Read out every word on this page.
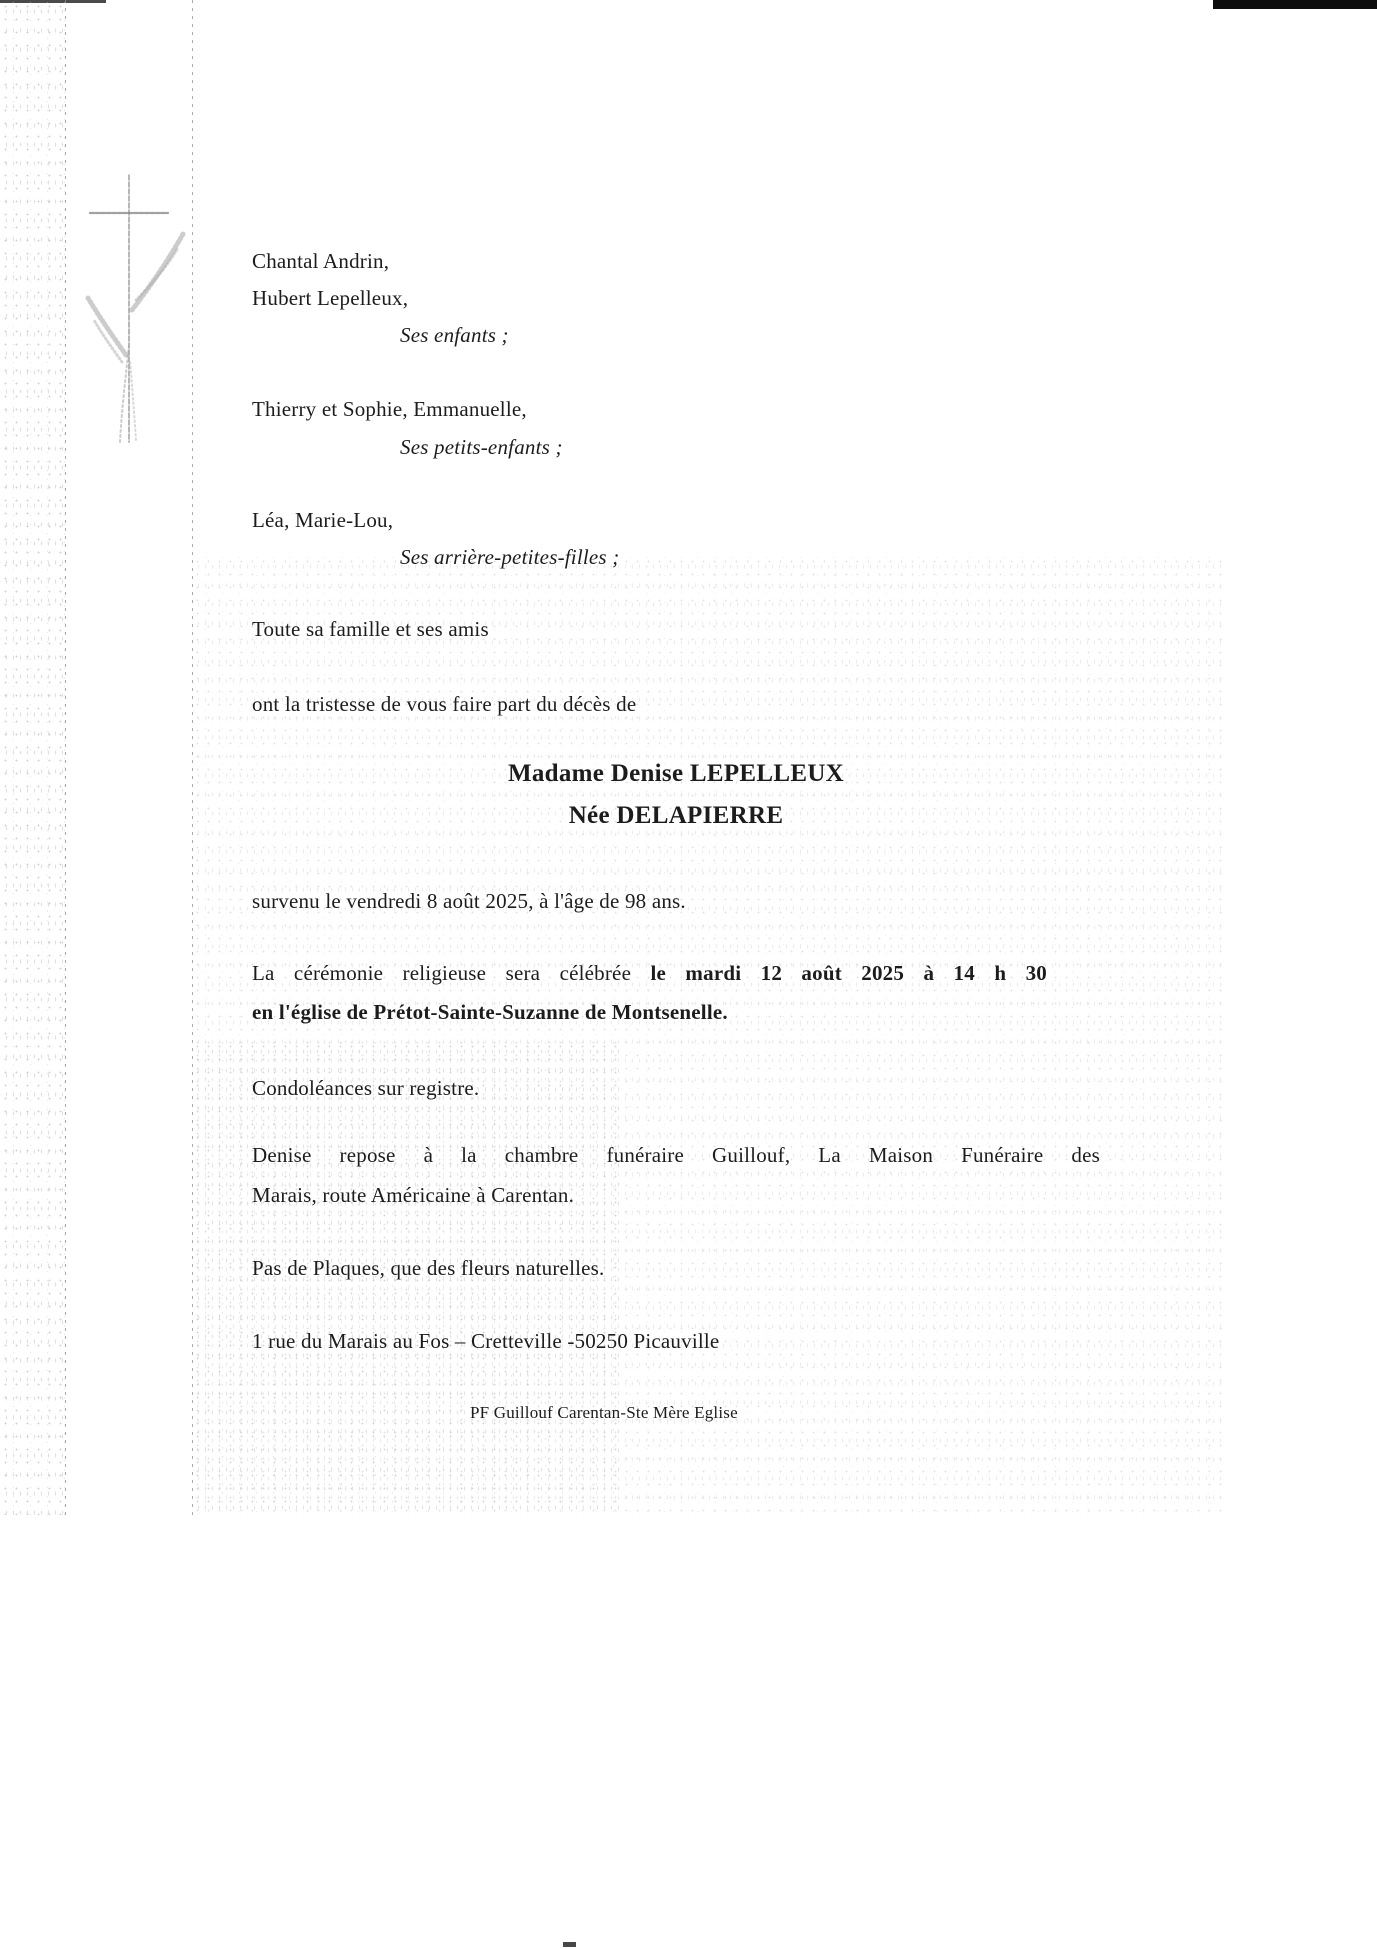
Chantal Andrin,
Hubert Lepelleux,
Ses enfants ;
Thierry et Sophie, Emmanuelle,
Ses petits-enfants ;
Léa, Marie-Lou,
Ses arrière-petites-filles ;
Toute sa famille et ses amis
ont la tristesse de vous faire part du décès de
Madame Denise LEPELLEUX
Née DELAPIERRE
survenu le vendredi 8 août 2025, à l'âge de 98 ans.
La cérémonie religieuse sera célébrée le mardi 12 août 2025 à 14 h 30
en l'église de Prétot-Sainte-Suzanne de Montsenelle.
Condoléances sur registre.
Denise repose à la chambre funéraire Guillouf, La Maison Funéraire des
Marais, route Américaine à Carentan.
Pas de Plaques, que des fleurs naturelles.
1 rue du Marais au Fos – Cretteville -50250 Picauville
PF Guillouf Carentan-Ste Mère Eglise
